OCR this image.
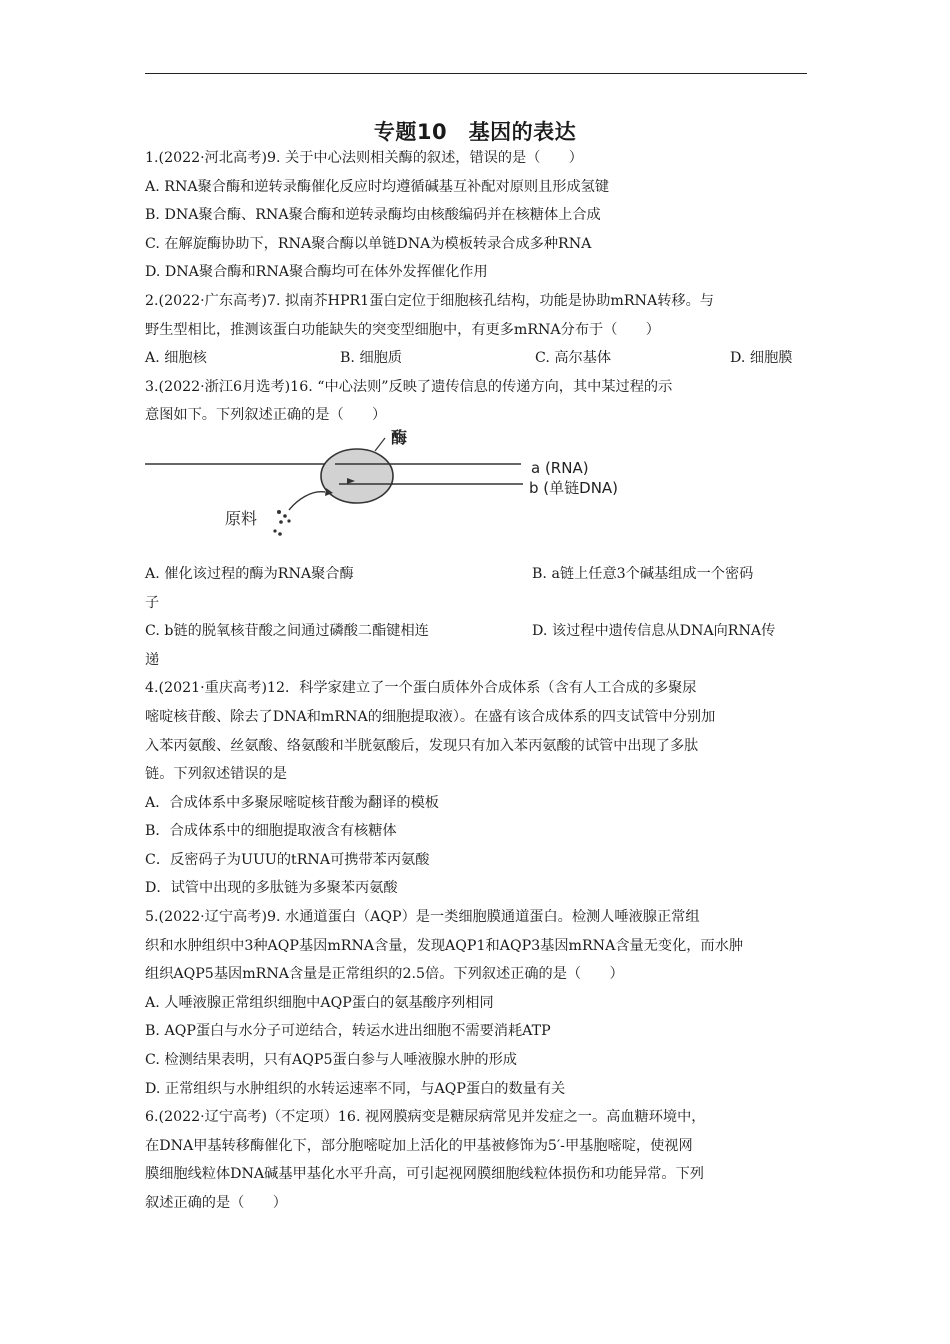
专题10　基因的表达
1.(2022·河北高考)9. 关于中心法则相关酶的叙述，错误的是（　　）
A. RNA聚合酶和逆转录酶催化反应时均遵循碱基互补配对原则且形成氢键
B. DNA聚合酶、RNA聚合酶和逆转录酶均由核酸编码并在核糖体上合成
C. 在解旋酶协助下，RNA聚合酶以单链DNA为模板转录合成多种RNA
D. DNA聚合酶和RNA聚合酶均可在体外发挥催化作用
2.(2022·广东高考)7. 拟南芥HPR1蛋白定位于细胞核孔结构，功能是协助mRNA转移。与
野生型相比，推测该蛋白功能缺失的突变型细胞中，有更多mRNA分布于（　　）
A. 细胞核	B. 细胞质	C. 高尔基体	D. 细胞膜
3.(2022·浙江6月选考)16. “中心法则”反映了遗传信息的传递方向，其中某过程的示
意图如下。下列叙述正确的是（　　）
酶
a (RNA)
b (单链DNA)
原料
A. 催化该过程的酶为RNA聚合酶	B. a链上任意3个碱基组成一个密码
子
C. b链的脱氧核苷酸之间通过磷酸二酯键相连	D. 该过程中遗传信息从DNA向RNA传
递
4.(2021·重庆高考)12．科学家建立了一个蛋白质体外合成体系（含有人工合成的多聚尿
嘧啶核苷酸、除去了DNA和mRNA的细胞提取液）。在盛有该合成体系的四支试管中分别加
入苯丙氨酸、丝氨酸、络氨酸和半胱氨酸后，发现只有加入苯丙氨酸的试管中出现了多肽
链。下列叙述错误的是
A．合成体系中多聚尿嘧啶核苷酸为翻译的模板
B．合成体系中的细胞提取液含有核糖体
C．反密码子为UUU的tRNA可携带苯丙氨酸
D．试管中出现的多肽链为多聚苯丙氨酸
5.(2022·辽宁高考)9. 水通道蛋白（AQP）是一类细胞膜通道蛋白。检测人唾液腺正常组
织和水肿组织中3种AQP基因mRNA含量，发现AQP1和AQP3基因mRNA含量无变化，而水肿
组织AQP5基因mRNA含量是正常组织的2.5倍。下列叙述正确的是（　　）
A. 人唾液腺正常组织细胞中AQP蛋白的氨基酸序列相同
B. AQP蛋白与水分子可逆结合，转运水进出细胞不需要消耗ATP
C. 检测结果表明，只有AQP5蛋白参与人唾液腺水肿的形成
D. 正常组织与水肿组织的水转运速率不同，与AQP蛋白的数量有关
6.(2022·辽宁高考)（不定项）16. 视网膜病变是糖尿病常见并发症之一。高血糖环境中，
在DNA甲基转移酶催化下，部分胞嘧啶加上活化的甲基被修饰为5′-甲基胞嘧啶，使视网
膜细胞线粒体DNA碱基甲基化水平升高，可引起视网膜细胞线粒体损伤和功能异常。下列
叙述正确的是（　　）
